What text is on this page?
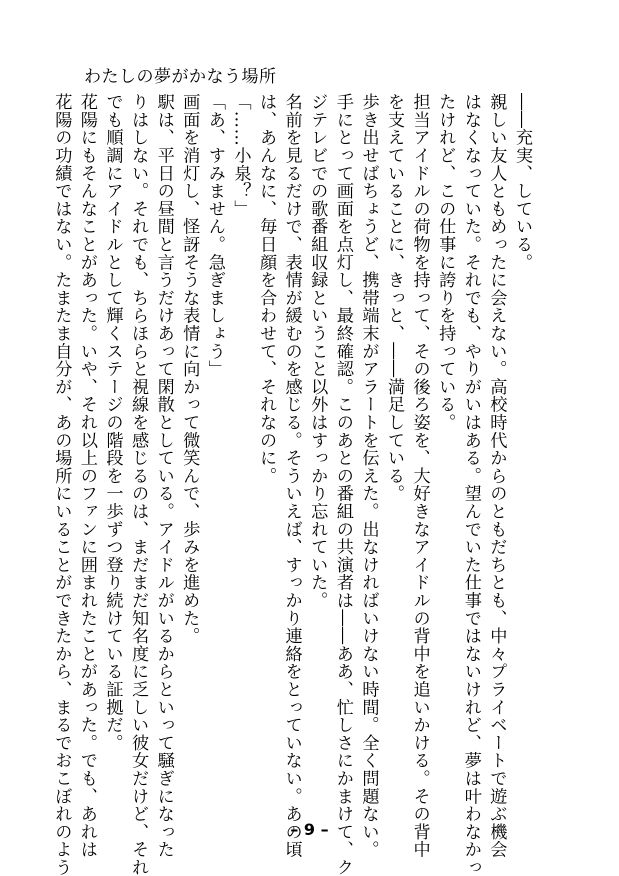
わたしの夢がかなう場所
――充実、している。
親しい友人ともめったに会えない。高校時代からのともだちとも、中々プライベートで遊ぶ機会
はなくなっていた。それでも、やりがいはある。望んでいた仕事ではないけれど、夢は叶わなかっ
たけれど、この仕事に誇りを持っている。
担当アイドルの荷物を持って、その後ろ姿を、大好きなアイドルの背中を追いかける。その背中
を支えていることに、きっと、――満足している。
歩き出せばちょうど、携帯端末がアラートを伝えた。出なければいけない時間。全く問題ない。
手にとって画面を点灯し、最終確認。このあとの番組の共演者は――ああ、忙しさにかまけて、ク
ジテレビでの歌番組収録ということ以外はすっかり忘れていた。
名前を見るだけで、表情が緩むのを感じる。そういえば、すっかり連絡をとっていない。あの頃
は、あんなに、毎日顔を合わせて、それなのに。
「……小泉？」
「あ、すみません。急ぎましょう」
画面を消灯し、怪訝そうな表情に向かって微笑んで、歩みを進めた。
駅は、平日の昼間と言うだけあって閑散としている。アイドルがいるからといって騒ぎになった
りはしない。それでも、ちらほらと視線を感じるのは、まだまだ知名度に乏しい彼女だけど、それ
でも順調にアイドルとして輝くステージの階段を一歩ずつ登り続けている証拠だ。
花陽にもそんなことがあった。いや、それ以上のファンに囲まれたことがあった。でも、あれは
花陽の功績ではない。たまたま自分が、あの場所にいることができたから、まるでおこぼれのよう	– 9 –
